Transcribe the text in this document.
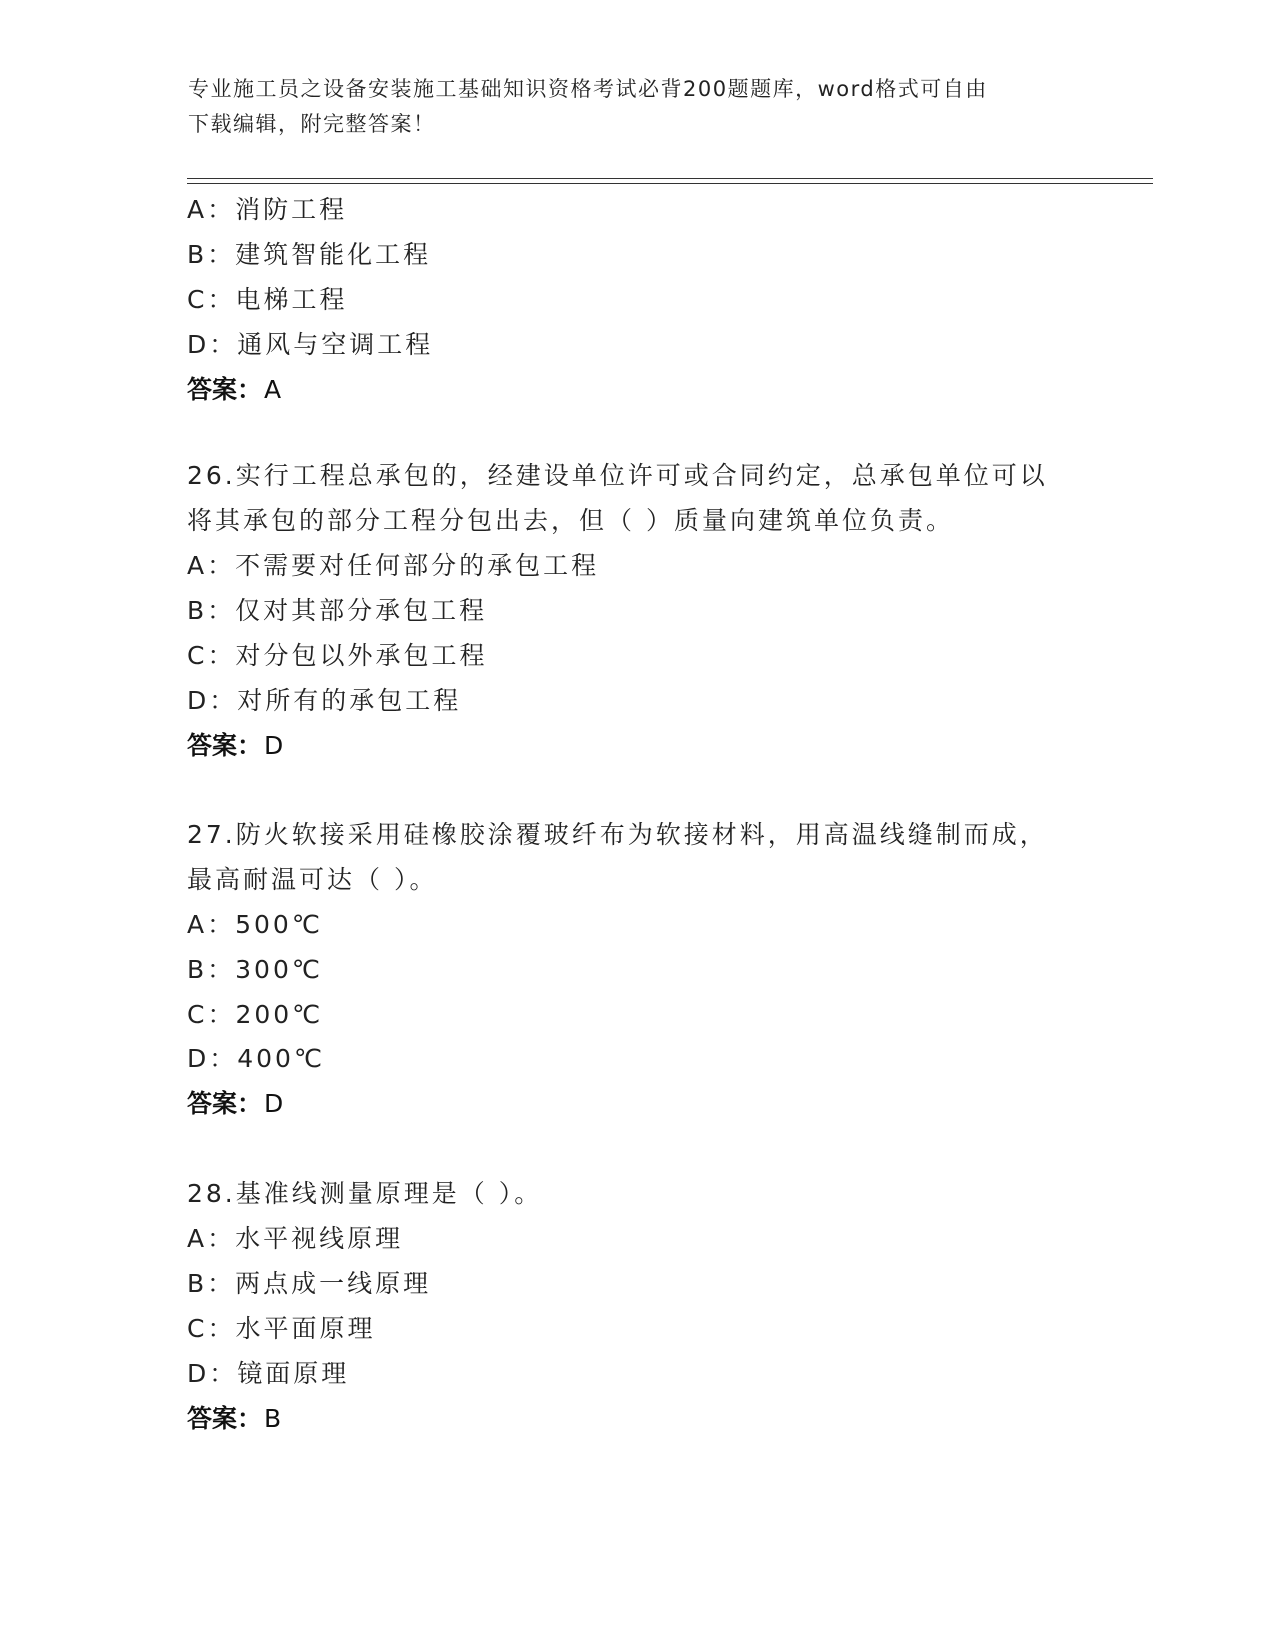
专业施工员之设备安装施工基础知识资格考试必背200题题库，word格式可自由
下载编辑，附完整答案！
A：消防工程
B：建筑智能化工程
C：电梯工程
D：通风与空调工程
答案：A
26.实行工程总承包的，经建设单位许可或合同约定，总承包单位可以
将其承包的部分工程分包出去，但（ ）质量向建筑单位负责。
A：不需要对任何部分的承包工程
B：仅对其部分承包工程
C：对分包以外承包工程
D：对所有的承包工程
答案：D
27.防火软接采用硅橡胶涂覆玻纤布为软接材料，用高温线缝制而成，
最高耐温可达（ ）。
A：500℃
B：300℃
C：200℃
D：400℃
答案：D
28.基准线测量原理是（ ）。
A：水平视线原理
B：两点成一线原理
C：水平面原理
D：镜面原理
答案：B
